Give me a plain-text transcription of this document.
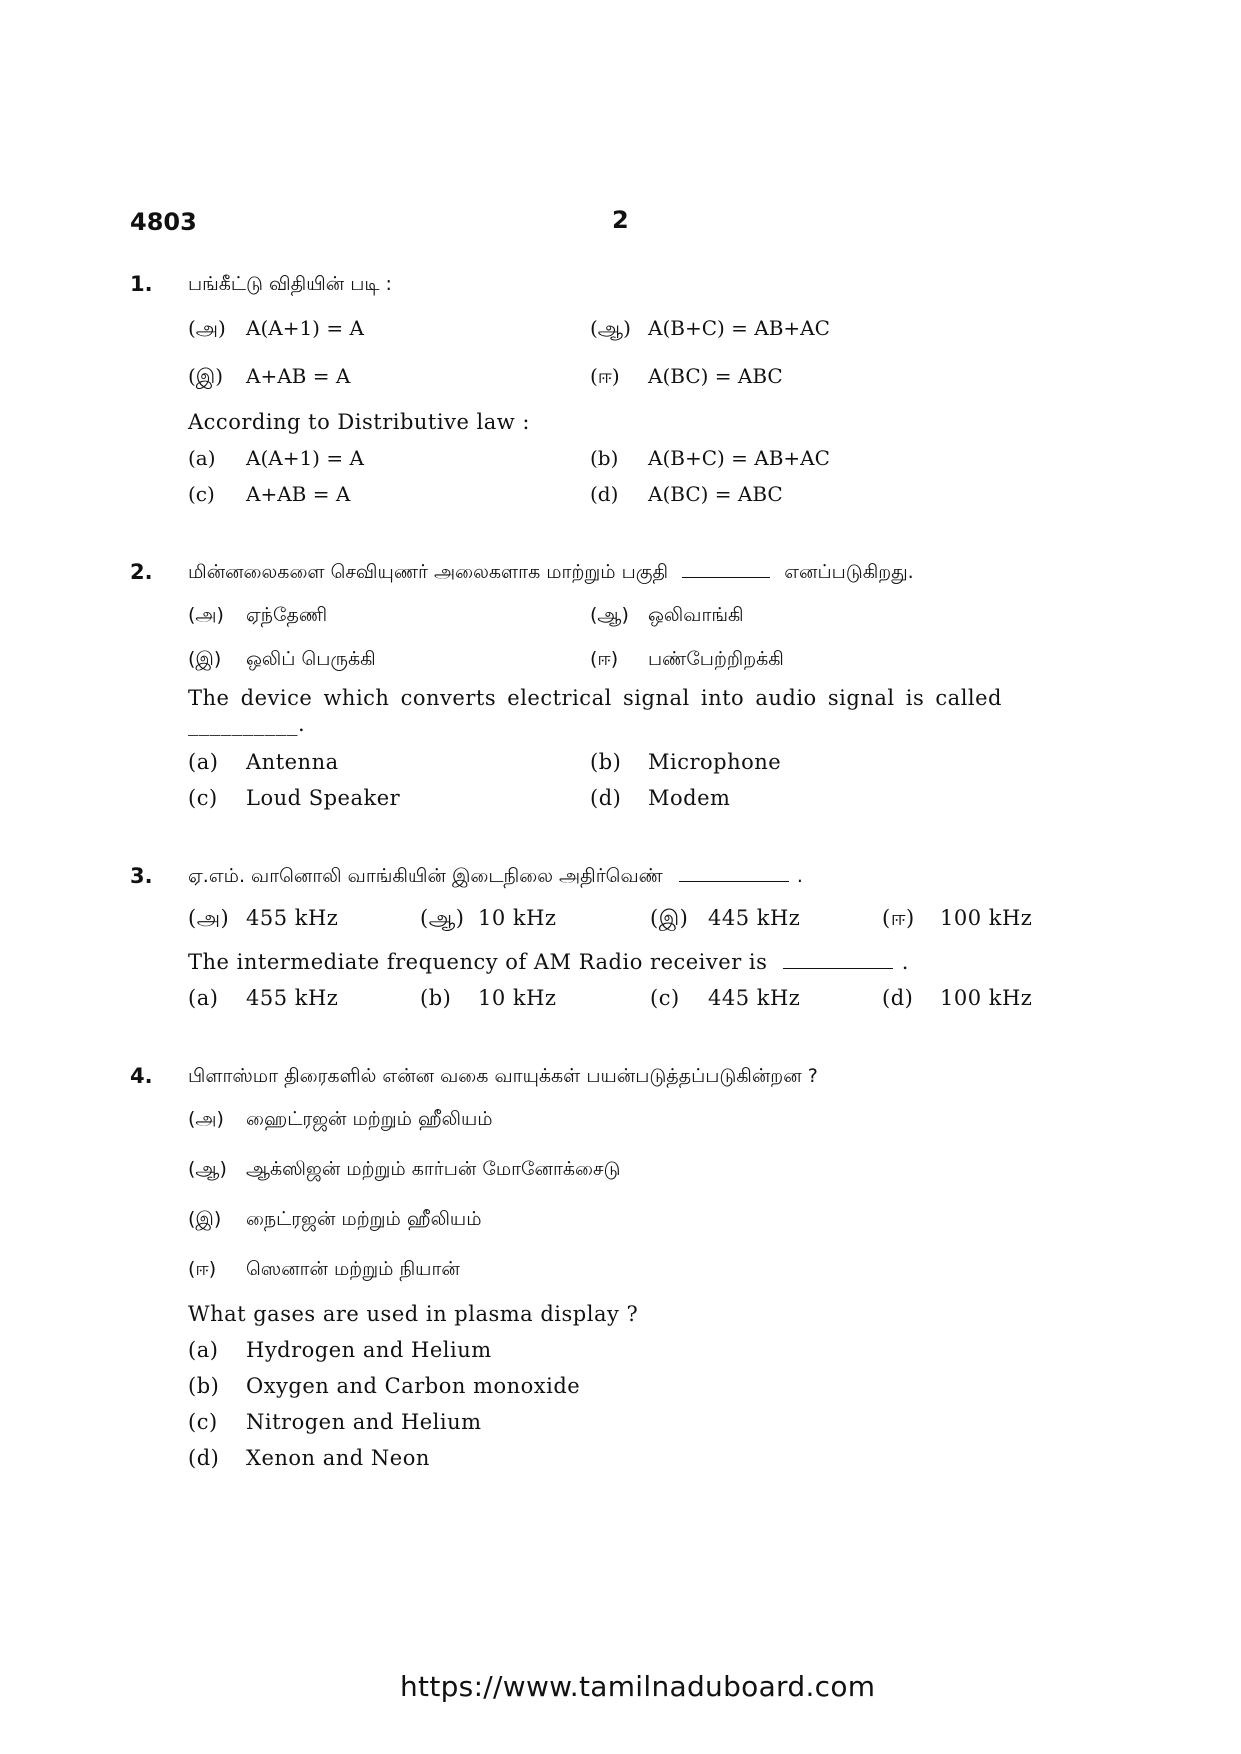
4803	2
1. பங்கீட்டு விதியின் படி :
(அ) A(A+1) = A	(ஆ) A(B+C) = AB+AC
(இ) A+AB = A	(ஈ) A(BC) = ABC
According to Distributive law :
(a) A(A+1) = A	(b) A(B+C) = AB+AC
(c) A+AB = A	(d) A(BC) = ABC
2. மின்னலைகளை செவியுணர் அலைகளாக மாற்றும் பகுதி	எனப்படுகிறது.
(அ) ஏந்தேணி	(ஆ) ஒலிவாங்கி
(இ) ஒலிப் பெருக்கி	(ஈ) பண்பேற்றிறக்கி
The device which converts electrical signal into audio signal is called
__________.
(a) Antenna	(b) Microphone
(c) Loud Speaker	(d) Modem
3. ஏ.எம். வானொலி வாங்கியின் இடைநிலை அதிர்வெண்	.
(அ) 455 kHz	(ஆ) 10 kHz	(இ) 445 kHz	(ஈ) 100 kHz
The intermediate frequency of AM Radio receiver is	.
(a) 455 kHz	(b) 10 kHz	(c) 445 kHz	(d) 100 kHz
4. பிளாஸ்மா திரைகளில் என்ன வகை வாயுக்கள் பயன்படுத்தப்படுகின்றன ?
(அ) ஹைட்ரஜன் மற்றும் ஹீலியம்
(ஆ) ஆக்ஸிஜன் மற்றும் கார்பன் மோனோக்சைடு
(இ) நைட்ரஜன் மற்றும் ஹீலியம்
(ஈ) ஸெனான் மற்றும் நியான்
What gases are used in plasma display ?
(a) Hydrogen and Helium
(b) Oxygen and Carbon monoxide
(c) Nitrogen and Helium
(d) Xenon and Neon
https://www.tamilnaduboard.com
